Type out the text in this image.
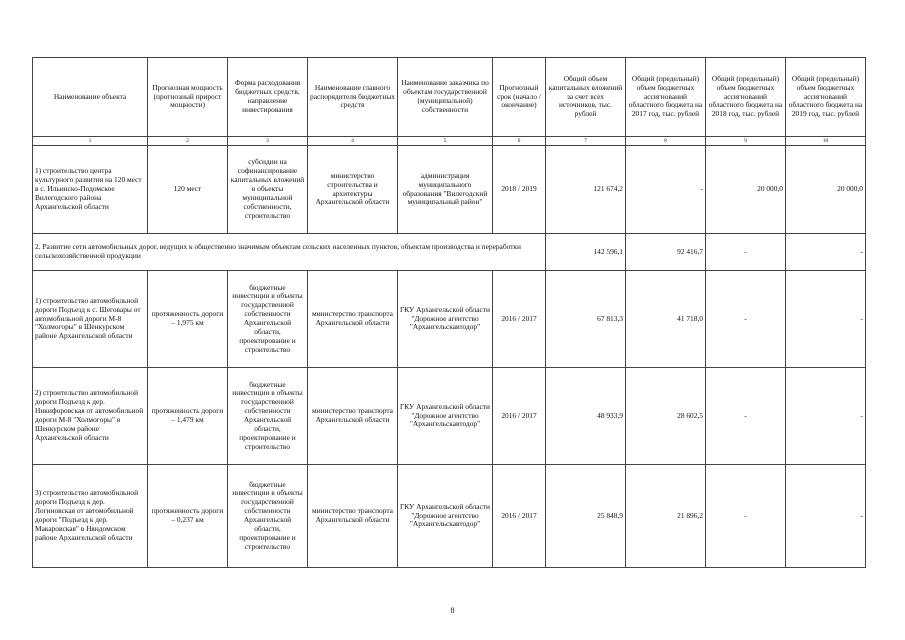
Наименование объекта	Прогнозная мощность (прогнозный прирост мощности)	Форма расходования бюджетных средств, направление инвестирования	Наименование главного распорядителя бюджетных средств	Наименование заказчика по объектам государственной (муниципальной) собственности	Прогнозный срок (начало / окончание)	Общий объем капитальных вложений за счет всех источников, тыс. рублей	Общий (предельный) объем бюджетных ассигнований областного бюджета на 2017 год, тыс. рублей	Общий (предельный) объем бюджетных ассигнований областного бюджета на 2018 год, тыс. рублей	Общий (предельный) объем бюджетных ассигнований областного бюджета на 2019 год, тыс. рублей
1	2	3	4	5	6	7	8	9	10
1) строительство центра культурного развития на 120 мест в с. Ильинско-Подомское Вилегодского района Архангельской области	120 мест	субсидии на софинансирование капитальных вложений в объекты муниципальной собственности, строительство	министерство строительства и архитектуры Архангельской области	администрация муниципального образования "Вилегодский муниципальный район"	2018 / 2019	121 674,2	-	20 000,0	20 000,0
2. Развитие сети автомобильных дорог, ведущих к общественно значимым объектам сельских населенных пунктов, объектам производства и переработки сельскохозяйственной продукции						142 596,1	92 416,7	-	-
1) строительство автомобильной дороги Подъезд к с. Шеговары от автомобильной дороги М-8 "Холмогоры" в Шенкурском районе Архангельской области	протяженность дороги – 1,975 км	бюджетные инвестиции в объекты государственной собственности Архангельской области, проектирование и строительство	министерство транспорта Архангельской области	ГКУ Архангельской области "Дорожное агентство "Архангельскавтодор"	2016 / 2017	67 813,3	41 718,0	-	-
2) строительство автомобильной дороги Подъезд к дер. Никифоровская от автомобильной дороги М-8 "Холмогоры" в Шенкурском районе Архангельской области	протяженность дороги – 1,479 км	бюджетные инвестиции в объекты государственной собственности Архангельской области, проектирование и строительство	министерство транспорта Архангельской области	ГКУ Архангельской области "Дорожное агентство "Архангельскавтодор"	2016 / 2017	48 933,9	28 602,5	-	-
3) строительство автомобильной дороги Подъезд к дер. Логиновская от автомобильной дороги "Подъезд к дер. Макаровская" в Няндомском районе Архангельской области	протяженность дороги – 0,237 км	бюджетные инвестиции в объекты государственной собственности Архангельской области, проектирование и строительство	министерство транспорта Архангельской области	ГКУ Архангельской области "Дорожное агентство "Архангельскавтодор"	2016 / 2017	25 848,9	21 896,2	-	-
8
